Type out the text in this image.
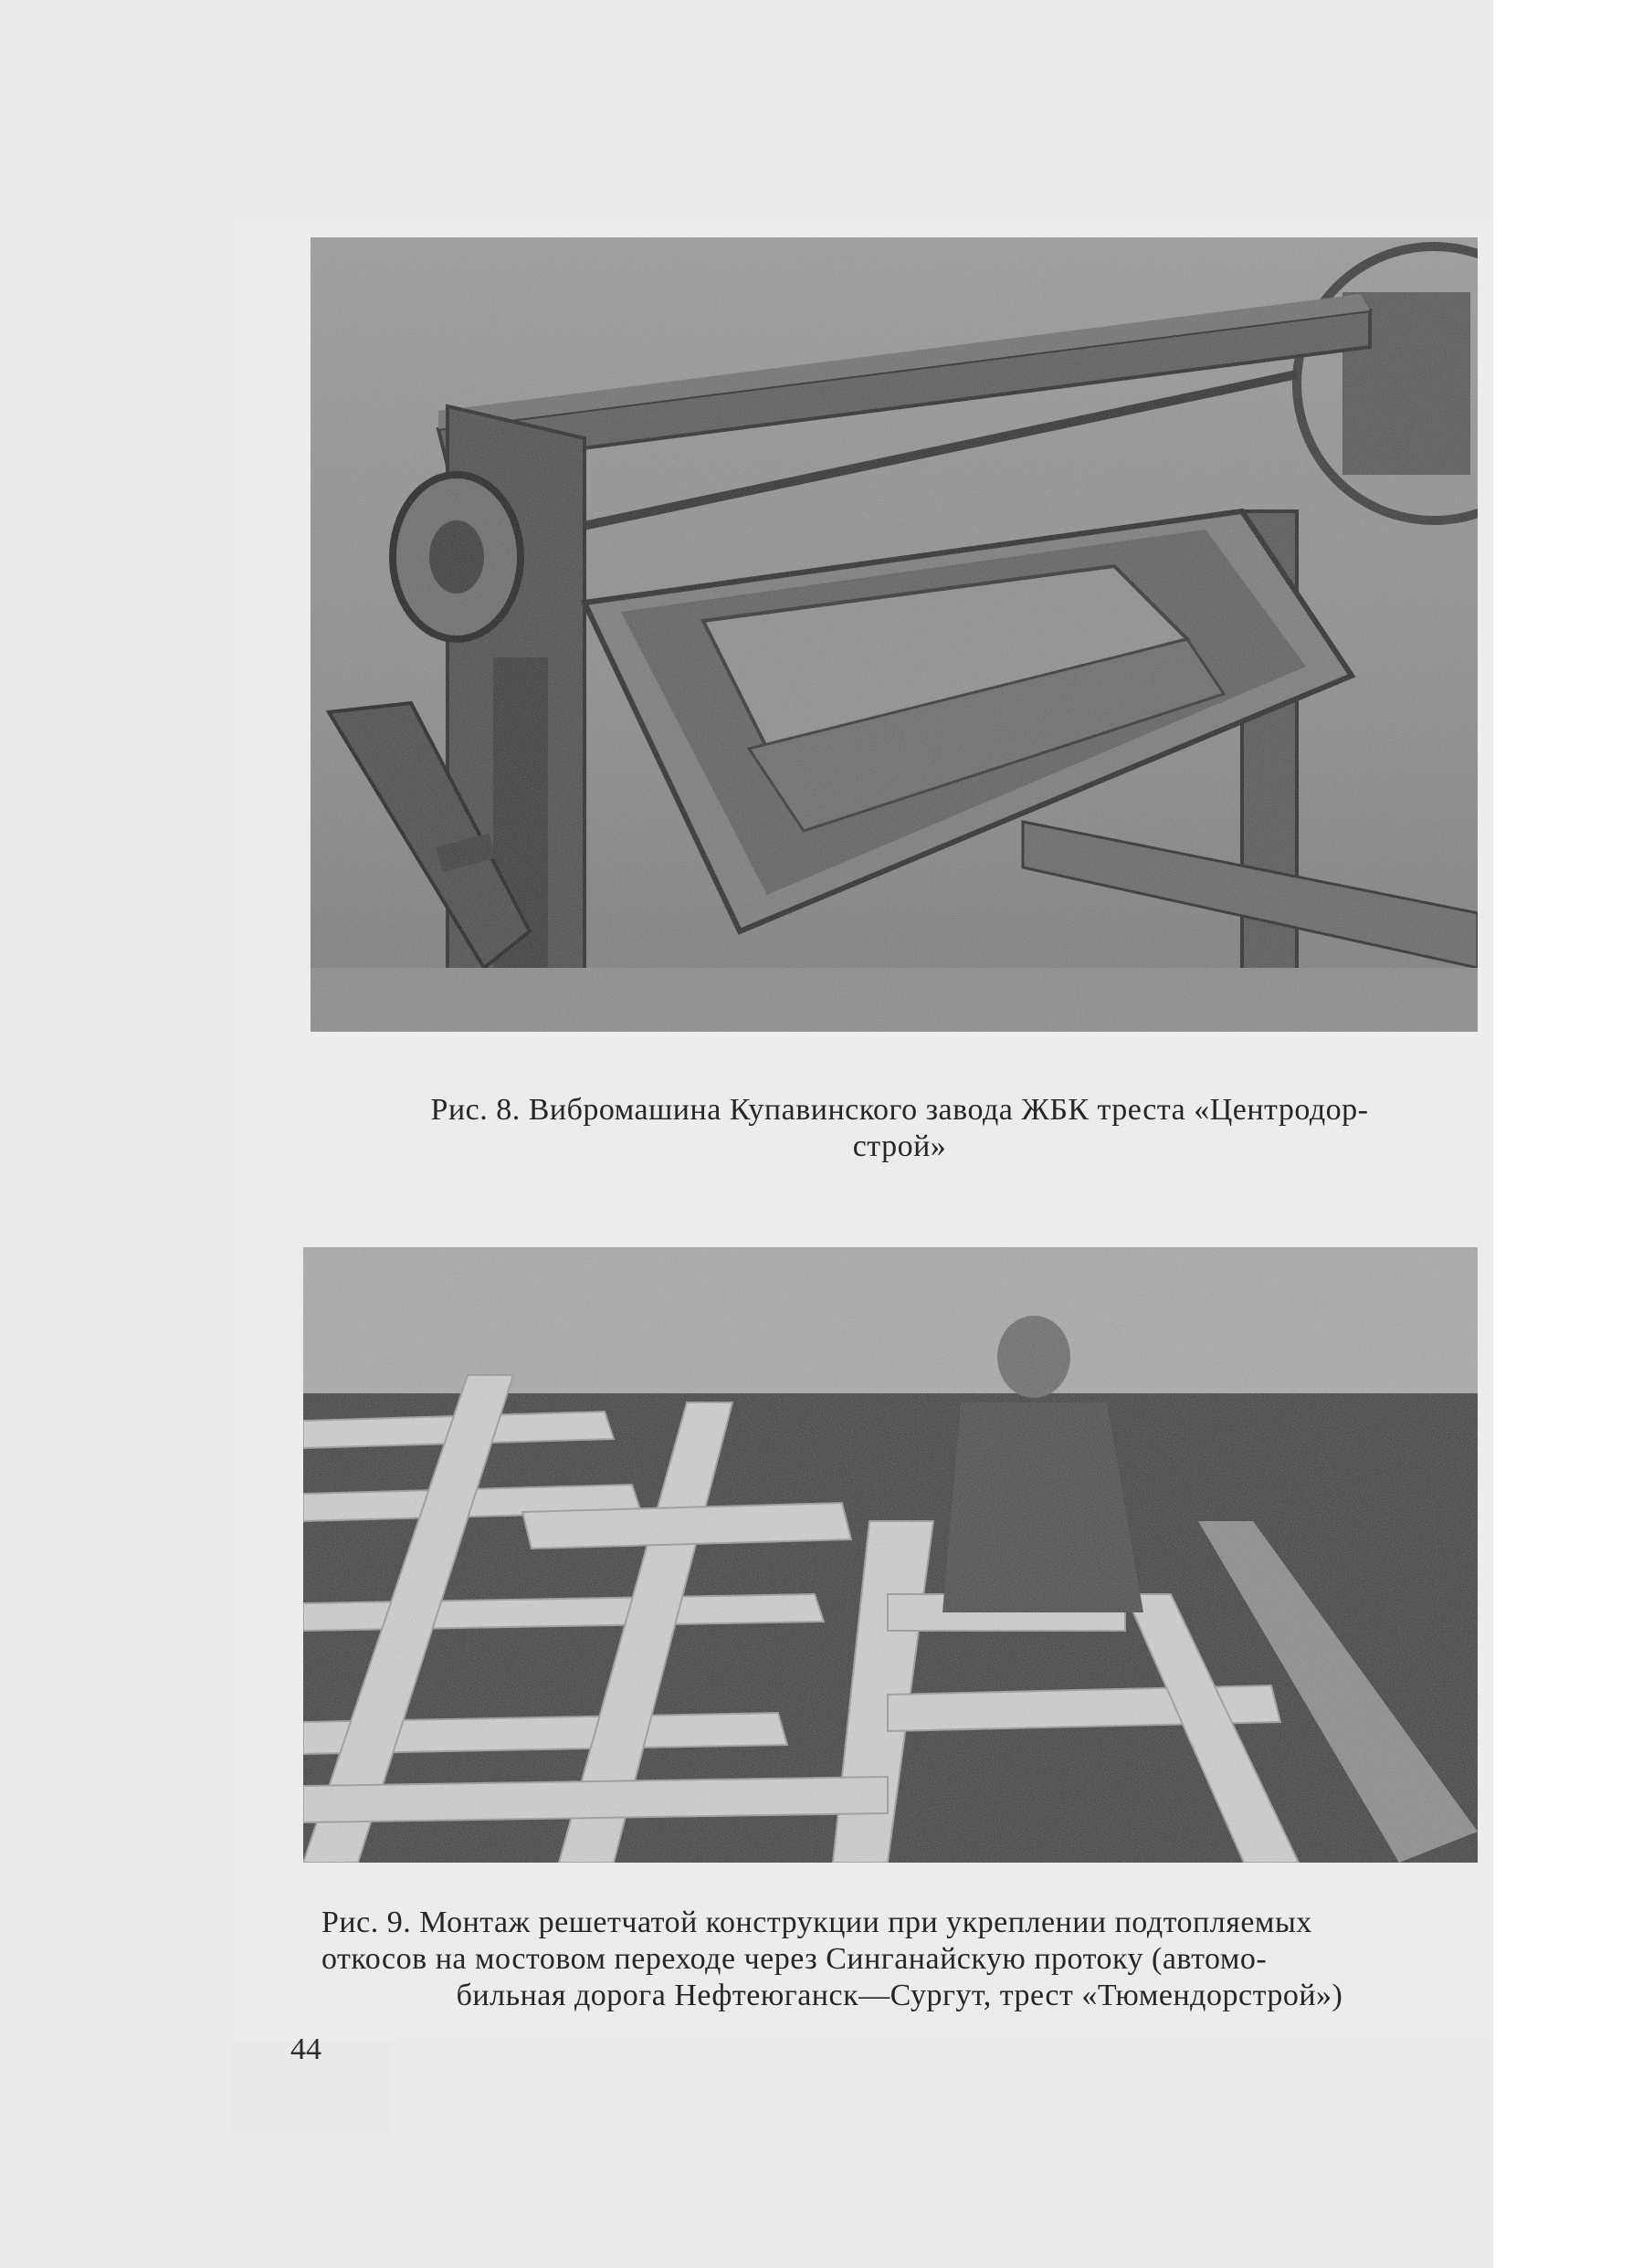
Рис. 8. Вибромашина Купавинского завода ЖБК треста «Центродор-
строй»
Рис. 9. Монтаж решетчатой конструкции при укреплении подтопляемых
откосов на мостовом переходе через Синганайскую протоку (автомо-
бильная дорога Нефтеюганск—Сургут, трест «Тюмендорстрой»)
44
